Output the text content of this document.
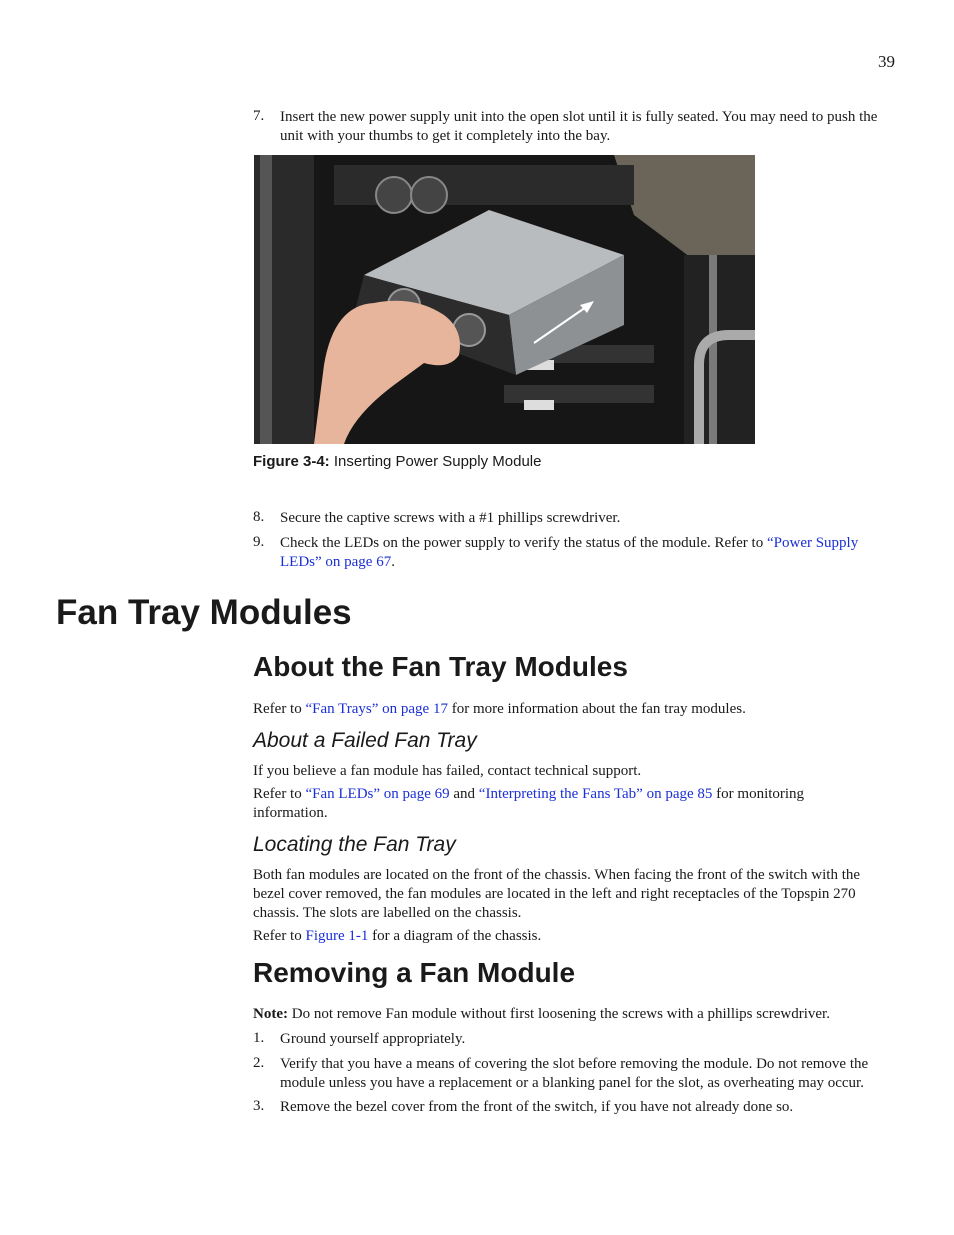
39
7. Insert the new power supply unit into the open slot until it is fully seated. You may need to push the unit with your thumbs to get it completely into the bay.
Figure 3-4: Inserting Power Supply Module
8. Secure the captive screws with a #1 phillips screwdriver.
9. Check the LEDs on the power supply to verify the status of the module. Refer to “Power Supply LEDs” on page 67.
Fan Tray Modules
About the Fan Tray Modules
Refer to “Fan Trays” on page 17 for more information about the fan tray modules.
About a Failed Fan Tray
If you believe a fan module has failed, contact technical support.
Refer to “Fan LEDs” on page 69 and “Interpreting the Fans Tab” on page 85 for monitoring information.
Locating the Fan Tray
Both fan modules are located on the front of the chassis. When facing the front of the switch with the bezel cover removed, the fan modules are located in the left and right receptacles of the Topspin 270 chassis. The slots are labelled on the chassis.
Refer to Figure 1-1 for a diagram of the chassis.
Removing a Fan Module
Note: Do not remove Fan module without first loosening the screws with a phillips screwdriver.
1. Ground yourself appropriately.
2. Verify that you have a means of covering the slot before removing the module. Do not remove the module unless you have a replacement or a blanking panel for the slot, as overheating may occur.
3. Remove the bezel cover from the front of the switch, if you have not already done so.
